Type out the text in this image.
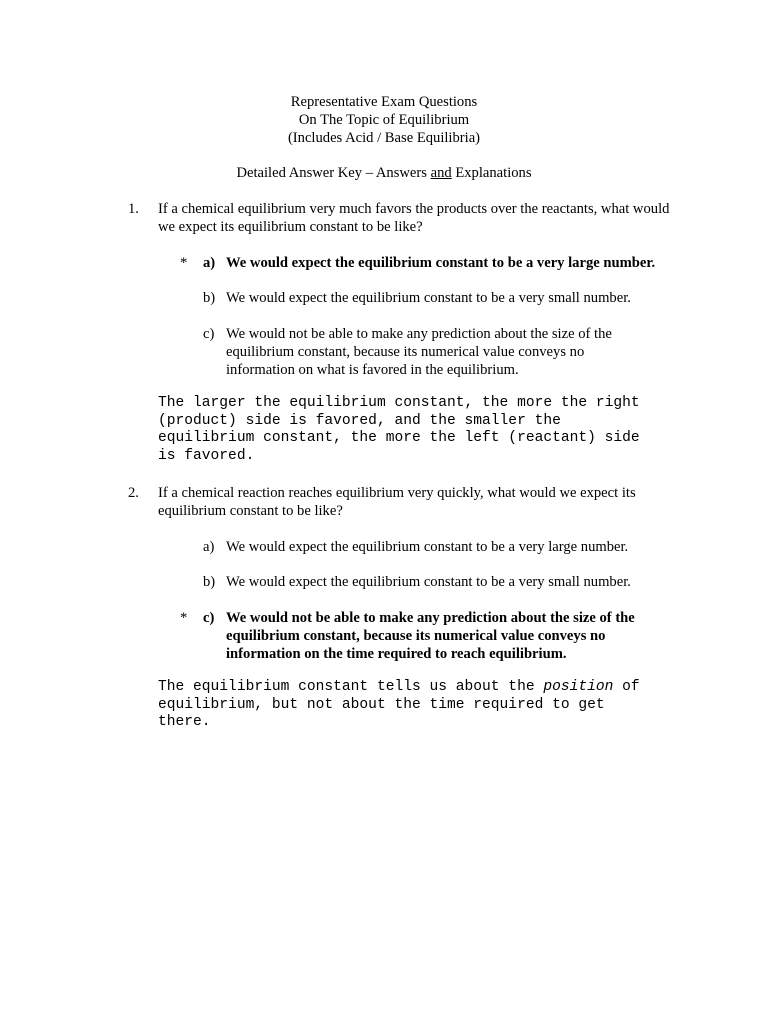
Representative Exam Questions
On The Topic of Equilibrium
(Includes Acid / Base Equilibria)
Detailed Answer Key – Answers and Explanations
1. If a chemical equilibrium very much favors the products over the reactants, what would we expect its equilibrium constant to be like?
* a) We would expect the equilibrium constant to be a very large number.
b) We would expect the equilibrium constant to be a very small number.
c) We would not be able to make any prediction about the size of the equilibrium constant, because its numerical value conveys no information on what is favored in the equilibrium.
The larger the equilibrium constant, the more the right (product) side is favored, and the smaller the equilibrium constant, the more the left (reactant) side is favored.
2. If a chemical reaction reaches equilibrium very quickly, what would we expect its equilibrium constant to be like?
a) We would expect the equilibrium constant to be a very large number.
b) We would expect the equilibrium constant to be a very small number.
* c) We would not be able to make any prediction about the size of the equilibrium constant, because its numerical value conveys no information on the time required to reach equilibrium.
The equilibrium constant tells us about the position of equilibrium, but not about the time required to get there.
